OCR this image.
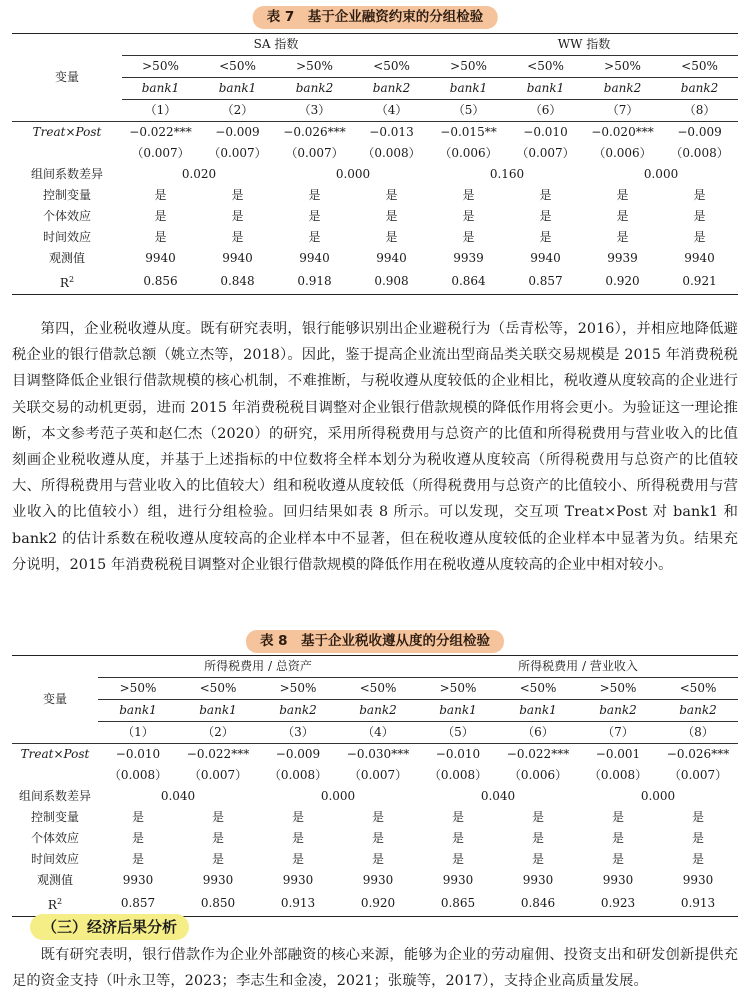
表 7　基于企业融资约束的分组检验
变量	SA 指数				WW 指数			
	>50%	<50%	>50%	<50%	>50%	<50%	>50%	<50%
	bank1	bank1	bank2	bank2	bank1	bank1	bank2	bank2
	（1）	（2）	（3）	（4）	（5）	（6）	（7）	（8）
Treat×Post	−0.022***	−0.009	−0.026***	−0.013	−0.015**	−0.010	−0.020***	−0.009
	（0.007）	（0.007）	（0.007）	（0.008）	（0.006）	（0.007）	（0.006）	（0.008）
组间系数差异	0.020		0.000		0.160		0.000	
控制变量	是	是	是	是	是	是	是	是
个体效应	是	是	是	是	是	是	是	是
时间效应	是	是	是	是	是	是	是	是
观测值	9940	9940	9940	9940	9939	9940	9939	9940
$R^2$	0.856	0.848	0.918	0.908	0.864	0.857	0.920	0.921
第四，企业税收遵从度。既有研究表明，银行能够识别出企业避税行为（岳青松等，2016），并相应地降低避税企业的银行借款总额（姚立杰等，2018）。因此，鉴于提高企业流出型商品类关联交易规模是 2015 年消费税税目调整降低企业银行借款规模的核心机制，不难推断，与税收遵从度较低的企业相比，税收遵从度较高的企业进行关联交易的动机更弱，进而 2015 年消费税税目调整对企业银行借款规模的降低作用将会更小。为验证这一理论推断，本文参考范子英和赵仁杰（2020）的研究，采用所得税费用与总资产的比值和所得税费用与营业收入的比值刻画企业税收遵从度，并基于上述指标的中位数将全样本划分为税收遵从度较高（所得税费用与总资产的比值较大、所得税费用与营业收入的比值较大）组和税收遵从度较低（所得税费用与总资产的比值较小、所得税费用与营业收入的比值较小）组，进行分组检验。回归结果如表 8 所示。可以发现，交互项 Treat×Post 对 bank1 和 bank2 的估计系数在税收遵从度较高的企业样本中不显著，但在税收遵从度较低的企业样本中显著为负。结果充分说明，2015 年消费税税目调整对企业银行借款规模的降低作用在税收遵从度较高的企业中相对较小。
表 8　基于企业税收遵从度的分组检验
变量	所得税费用 / 总资产				所得税费用 / 营业收入			
	>50%	<50%	>50%	<50%	>50%	<50%	>50%	<50%
	bank1	bank1	bank2	bank2	bank1	bank1	bank2	bank2
	（1）	（2）	（3）	（4）	（5）	（6）	（7）	（8）
Treat×Post	−0.010	−0.022***	−0.009	−0.030***	−0.010	−0.022***	−0.001	−0.026***
	（0.008）	（0.007）	（0.008）	（0.007）	（0.008）	（0.006）	（0.008）	（0.007）
组间系数差异	0.040		0.000		0.040		0.000	
控制变量	是	是	是	是	是	是	是	是
个体效应	是	是	是	是	是	是	是	是
时间效应	是	是	是	是	是	是	是	是
观测值	9930	9930	9930	9930	9930	9930	9930	9930
$R^2$	0.857	0.850	0.913	0.920	0.865	0.846	0.923	0.913
（三）经济后果分析
既有研究表明，银行借款作为企业外部融资的核心来源，能够为企业的劳动雇佣、投资支出和研发创新提供充足的资金支持（叶永卫等，2023；李志生和金凌，2021；张璇等，2017），支持企业高质量发展。
